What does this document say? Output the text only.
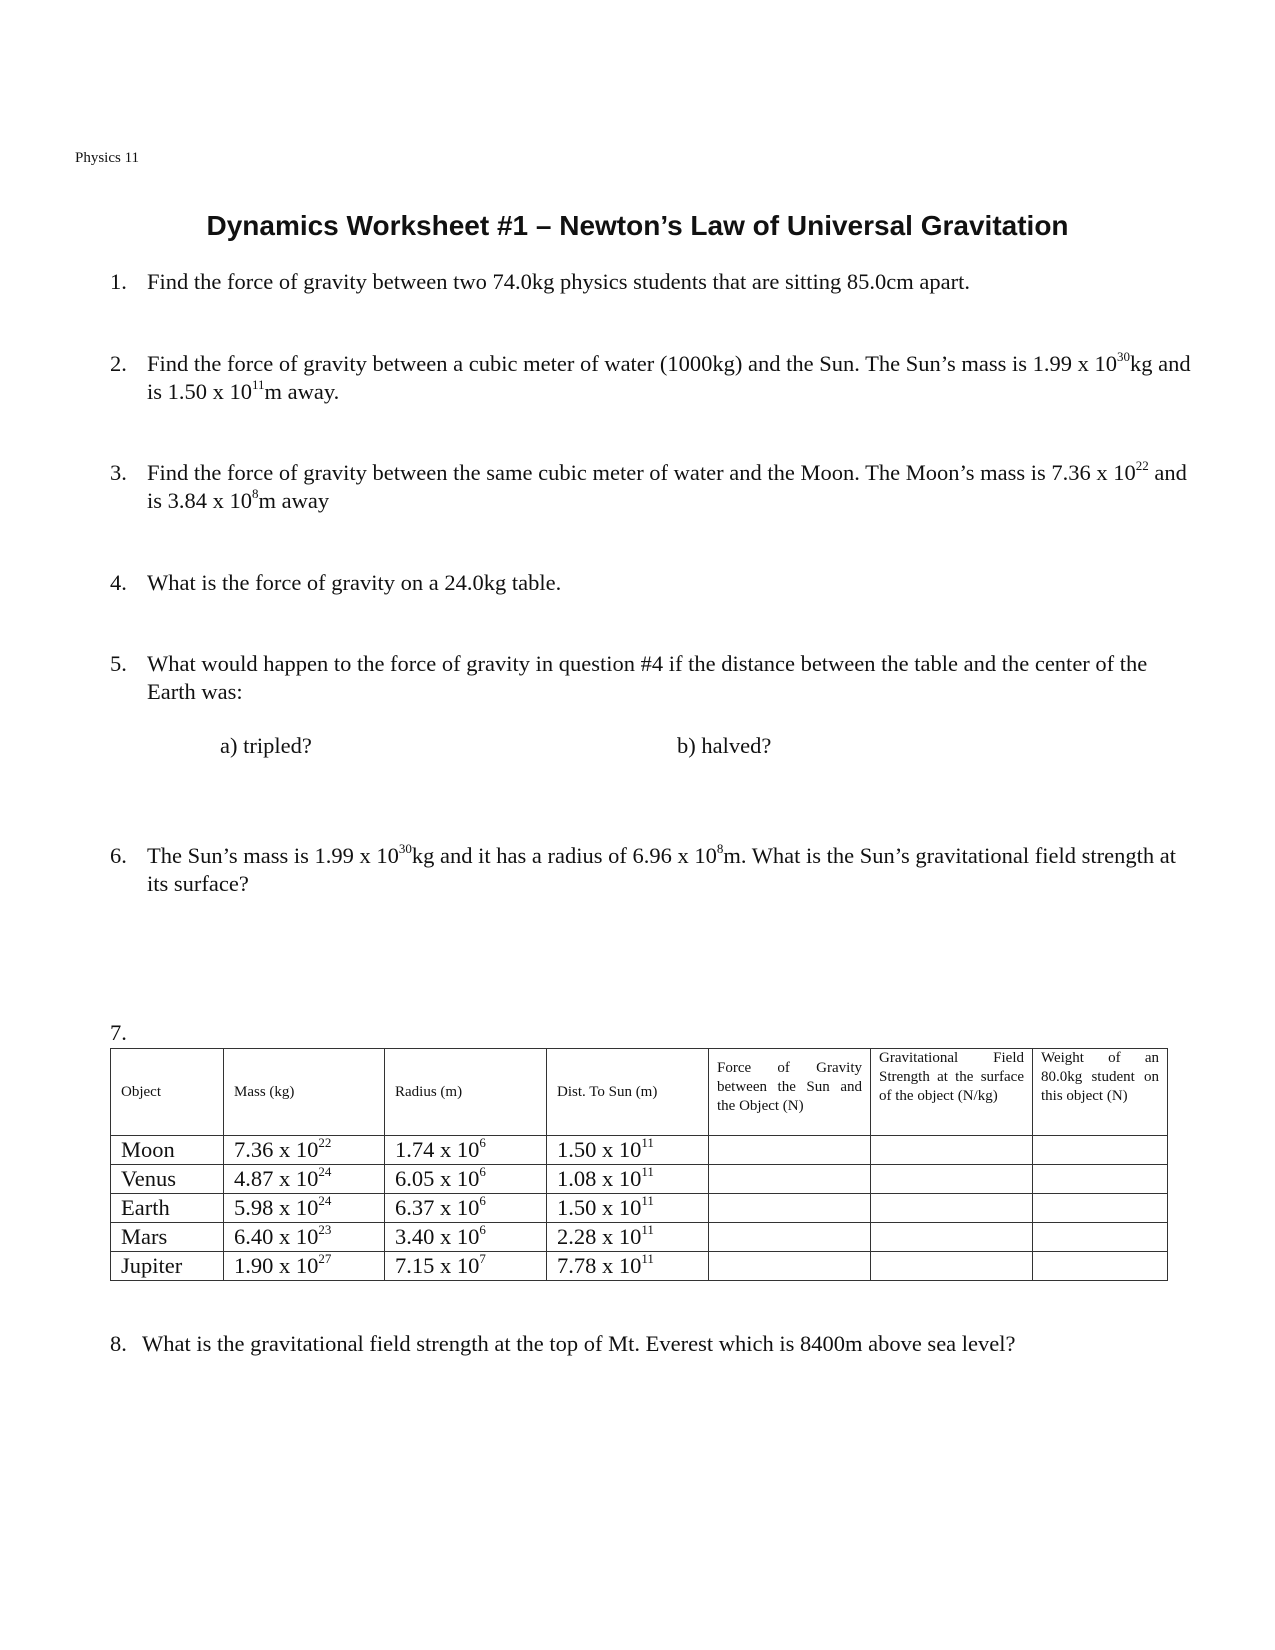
Physics 11
Dynamics Worksheet #1 – Newton’s Law of Universal Gravitation
1. Find the force of gravity between two 74.0kg physics students that are sitting 85.0cm apart.
2. Find the force of gravity between a cubic meter of water (1000kg) and the Sun. The Sun’s mass is 1.99 x $10^{30}kg$ and is 1.50 x $10^{11}m$ away.
3. Find the force of gravity between the same cubic meter of water and the Moon. The Moon’s mass is 7.36 x $10^{22}$ and is 3.84 x $10^8m$ away
4. What is the force of gravity on a 24.0kg table.
5. What would happen to the force of gravity in question #4 if the distance between the table and the center of the Earth was:
a) tripled?	b) halved?
6. The Sun’s mass is 1.99 x $10^{30}kg$ and it has a radius of 6.96 x $10^8m$. What is the Sun’s gravitational field strength at its surface?
7.
Object	Mass (kg)	Radius (m)	Dist. To Sun (m)	Force of Gravity between the Sun and the Object (N)	Gravitational Field Strength at the surface of the object (N/kg)	Weight of an 80.0kg student on this object (N)
Moon	7.36 x $10^{22}$	1.74 x $10^6$	1.50 x $10^{11}$			
Venus	4.87 x $10^{24}$	6.05 x $10^6$	1.08 x $10^{11}$			
Earth	5.98 x $10^{24}$	6.37 x $10^6$	1.50 x $10^{11}$			
Mars	6.40 x $10^{23}$	3.40 x $10^6$	2.28 x $10^{11}$			
Jupiter	1.90 x $10^{27}$	7.15 x $10^7$	7.78 x $10^{11}$			
8. What is the gravitational field strength at the top of Mt. Everest which is 8400m above sea level?
